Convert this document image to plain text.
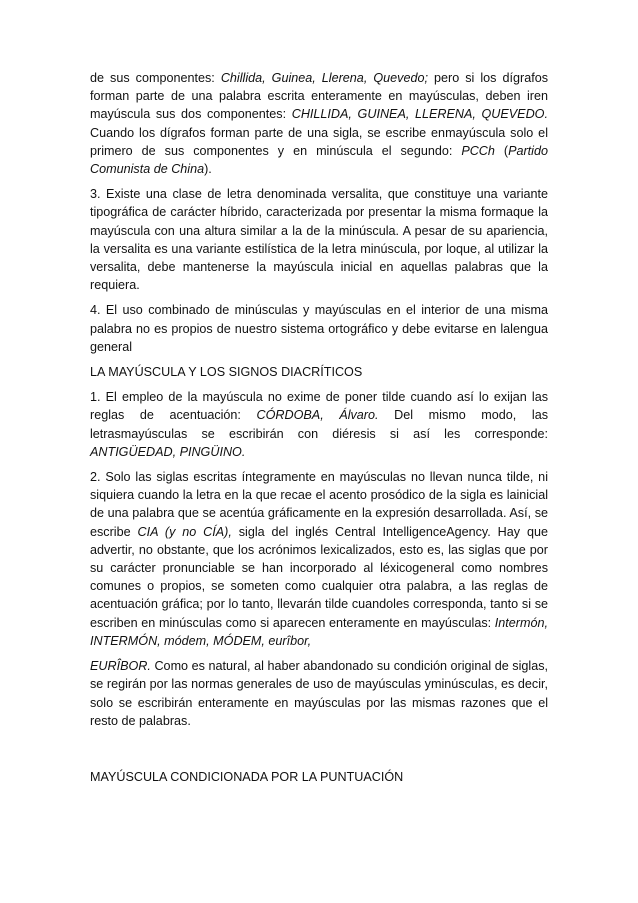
de sus componentes: Chillida, Guinea, Llerena, Quevedo; pero si los dígrafos forman parte de una palabra escrita enteramente en mayúsculas, deben iren mayúscula sus dos componentes: CHILLIDA, GUINEA, LLERENA, QUEVEDO. Cuando los dígrafos forman parte de una sigla, se escribe enmayúscula solo el primero de sus componentes y en minúscula el segundo: PCCh (Partido Comunista de China).

3. Existe una clase de letra denominada versalita, que constituye una variante tipográfica de carácter híbrido, caracterizada por presentar la misma formaque la mayúscula con una altura similar a la de la minúscula. A pesar de su apariencia, la versalita es una variante estilística de la letra minúscula, por loque, al utilizar la versalita, debe mantenerse la mayúscula inicial en aquellas palabras que la requiera.

4. El uso combinado de minúsculas y mayúsculas en el interior de una misma palabra no es propios de nuestro sistema ortográfico y debe evitarse en lalengua general

LA MAYÚSCULA Y LOS SIGNOS DIACRÍTICOS

1. El empleo de la mayúscula no exime de poner tilde cuando así lo exijan las reglas de acentuación: CÓRDOBA, Álvaro. Del mismo modo, las letrasmayúsculas se escribirán con diéresis si así les corresponde: ANTIGÜEDAD, PINGÜINO.

2. Solo las siglas escritas íntegramente en mayúsculas no llevan nunca tilde, ni siquiera cuando la letra en la que recae el acento prosódico de la sigla es lainicial de una palabra que se acentúa gráficamente en la expresión desarrollada. Así, se escribe CIA (y no CÍA), sigla del inglés Central IntelligenceAgency. Hay que advertir, no obstante, que los acrónimos lexicalizados, esto es, las siglas que por su carácter pronunciable se han incorporado al léxicogeneral como nombres comunes o propios, se someten como cualquier otra palabra, a las reglas de acentuación gráfica; por lo tanto, llevarán tilde cuandoles corresponda, tanto si se escriben en minúsculas como si aparecen enteramente en mayúsculas: Intermón, INTERMÓN, módem, MÓDEM, eurîbor,

EURÎBOR. Como es natural, al haber abandonado su condición original de siglas, se regirán por las normas generales de uso de mayúsculas yminúsculas, es decir, solo se escribirán enteramente en mayúsculas por las mismas razones que el resto de palabras.

MAYÚSCULA CONDICIONADA POR LA PUNTUACIÓN
